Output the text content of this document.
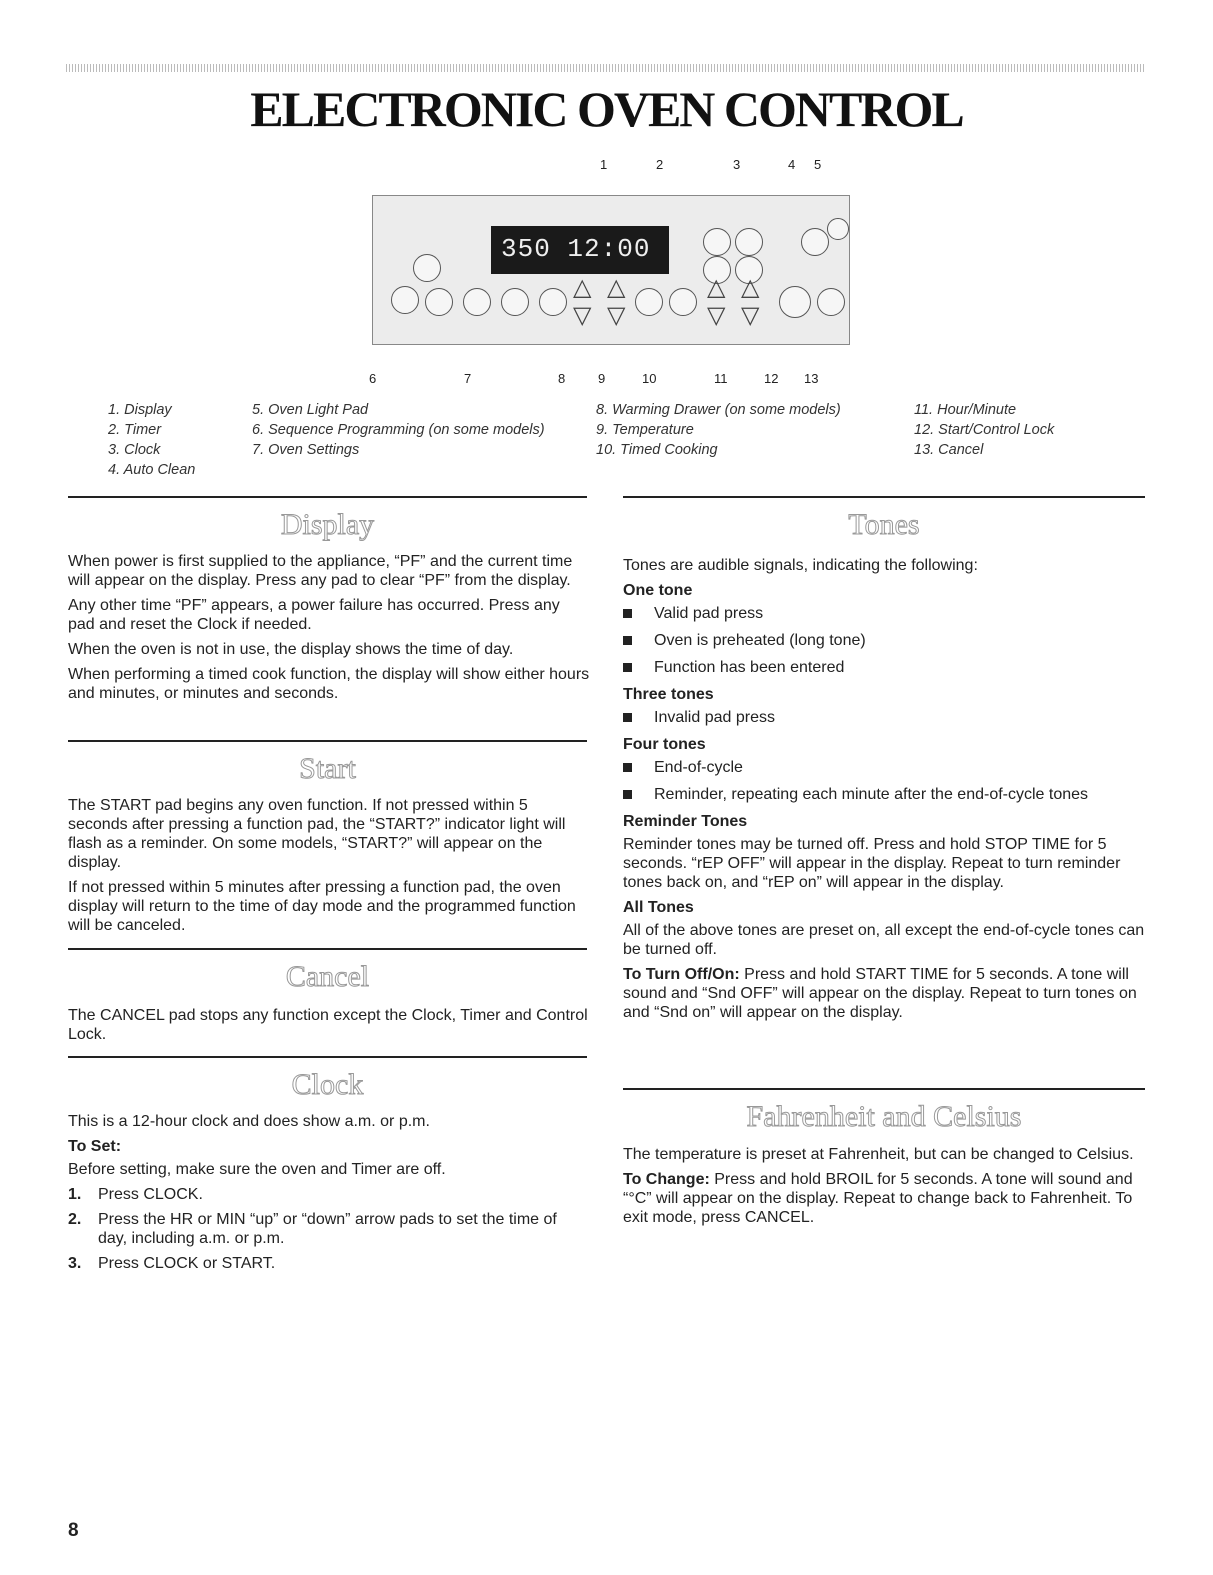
ELECTRONIC OVEN CONTROL
1	2	3	4 5
350 12:00
△
▽
△
▽
△
▽
△
▽
6	7	8	9	10	11	12 13
1. Display
2. Timer
3. Clock
4. Auto Clean
5. Oven Light Pad
6. Sequence Programming (on some models)
7. Oven Settings
8. Warming Drawer (on some models)
9. Temperature
10. Timed Cooking
11. Hour/Minute
12. Start/Control Lock
13. Cancel
Display

When power is first supplied to the appliance, “PF” and the current time will appear on the display. Press any pad to clear “PF” from the display.

Any other time “PF” appears, a power failure has occurred. Press any pad and reset the Clock if needed.

When the oven is not in use, the display shows the time of day.

When performing a timed cook function, the display will show either hours and minutes, or minutes and seconds.

Start

The START pad begins any oven function. If not pressed within 5 seconds after pressing a function pad, the “START?” indicator light will flash as a reminder. On some models, “START?” will appear on the display.

If not pressed within 5 minutes after pressing a function pad, the oven display will return to the time of day mode and the programmed function will be canceled.

Cancel

The CANCEL pad stops any function except the Clock, Timer and Control Lock.

Clock

This is a 12-hour clock and does show a.m. or p.m.

To Set:

Before setting, make sure the oven and Timer are off.

1.	Press CLOCK.
2.	Press the HR or MIN “up” or “down” arrow pads to set the time of day, including a.m. or p.m.
3.	Press CLOCK or START.
Tones

Tones are audible signals, indicating the following:

One tone
Valid pad press
Oven is preheated (long tone)
Function has been entered
Three tones
Invalid pad press
Four tones
End-of-cycle
Reminder, repeating each minute after the end-of-cycle tones
Reminder Tones

Reminder tones may be turned off. Press and hold STOP TIME for 5 seconds. “rEP OFF” will appear in the display. Repeat to turn reminder tones back on, and “rEP on” will appear in the display.

All Tones

All of the above tones are preset on, all except the end-of-cycle tones can be turned off.

To Turn Off/On: Press and hold START TIME for 5 seconds. A tone will sound and “Snd OFF” will appear on the display. Repeat to turn tones on and “Snd on” will appear on the display.

Fahrenheit and Celsius

The temperature is preset at Fahrenheit, but can be changed to Celsius.

To Change: Press and hold BROIL for 5 seconds. A tone will sound and “°C” will appear on the display. Repeat to change back to Fahrenheit. To exit mode, press CANCEL.

8
